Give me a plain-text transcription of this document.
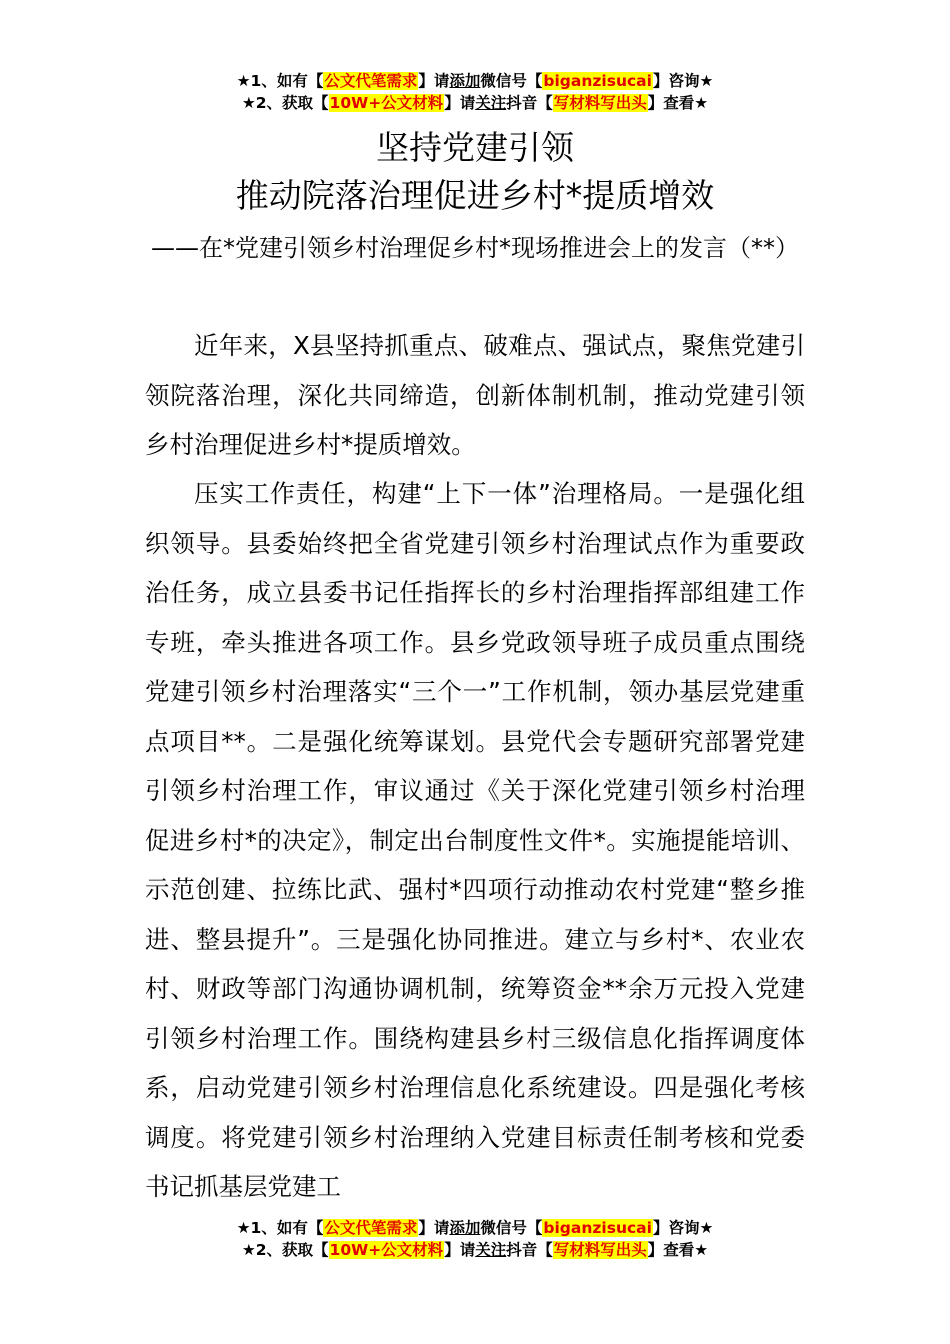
★1、如有【公文代笔需求】请添加微信号【biganzisucai】咨询★
★2、获取【10W+公文材料】请关注抖音【写材料写出头】查看★
坚持党建引领
推动院落治理促进乡村*提质增效
——在*党建引领乡村治理促乡村*现场推进会上的发言（**）

近年来，X县坚持抓重点、破难点、强试点，聚焦党建引领院落治理，深化共同缔造，创新体制机制，推动党建引领乡村治理促进乡村*提质增效。

压实工作责任，构建“上下一体”治理格局。一是强化组织领导。县委始终把全省党建引领乡村治理试点作为重要政治任务，成立县委书记任指挥长的乡村治理指挥部组建工作专班，牵头推进各项工作。县乡党政领导班子成员重点围绕党建引领乡村治理落实“三个一”工作机制，领办基层党建重点项目**。二是强化统筹谋划。县党代会专题研究部署党建引领乡村治理工作，审议通过《关于深化党建引领乡村治理促进乡村*的决定》，制定出台制度性文件*。实施提能培训、示范创建、拉练比武、强村*四项行动推动农村党建“整乡推进、整县提升”。三是强化协同推进。建立与乡村*、农业农村、财政等部门沟通协调机制，统筹资金**余万元投入党建引领乡村治理工作。围绕构建县乡村三级信息化指挥调度体系，启动党建引领乡村治理信息化系统建设。四是强化考核调度。将党建引领乡村治理纳入党建目标责任制考核和党委书记抓基层党建工

★1、如有【公文代笔需求】请添加微信号【biganzisucai】咨询★
★2、获取【10W+公文材料】请关注抖音【写材料写出头】查看★
